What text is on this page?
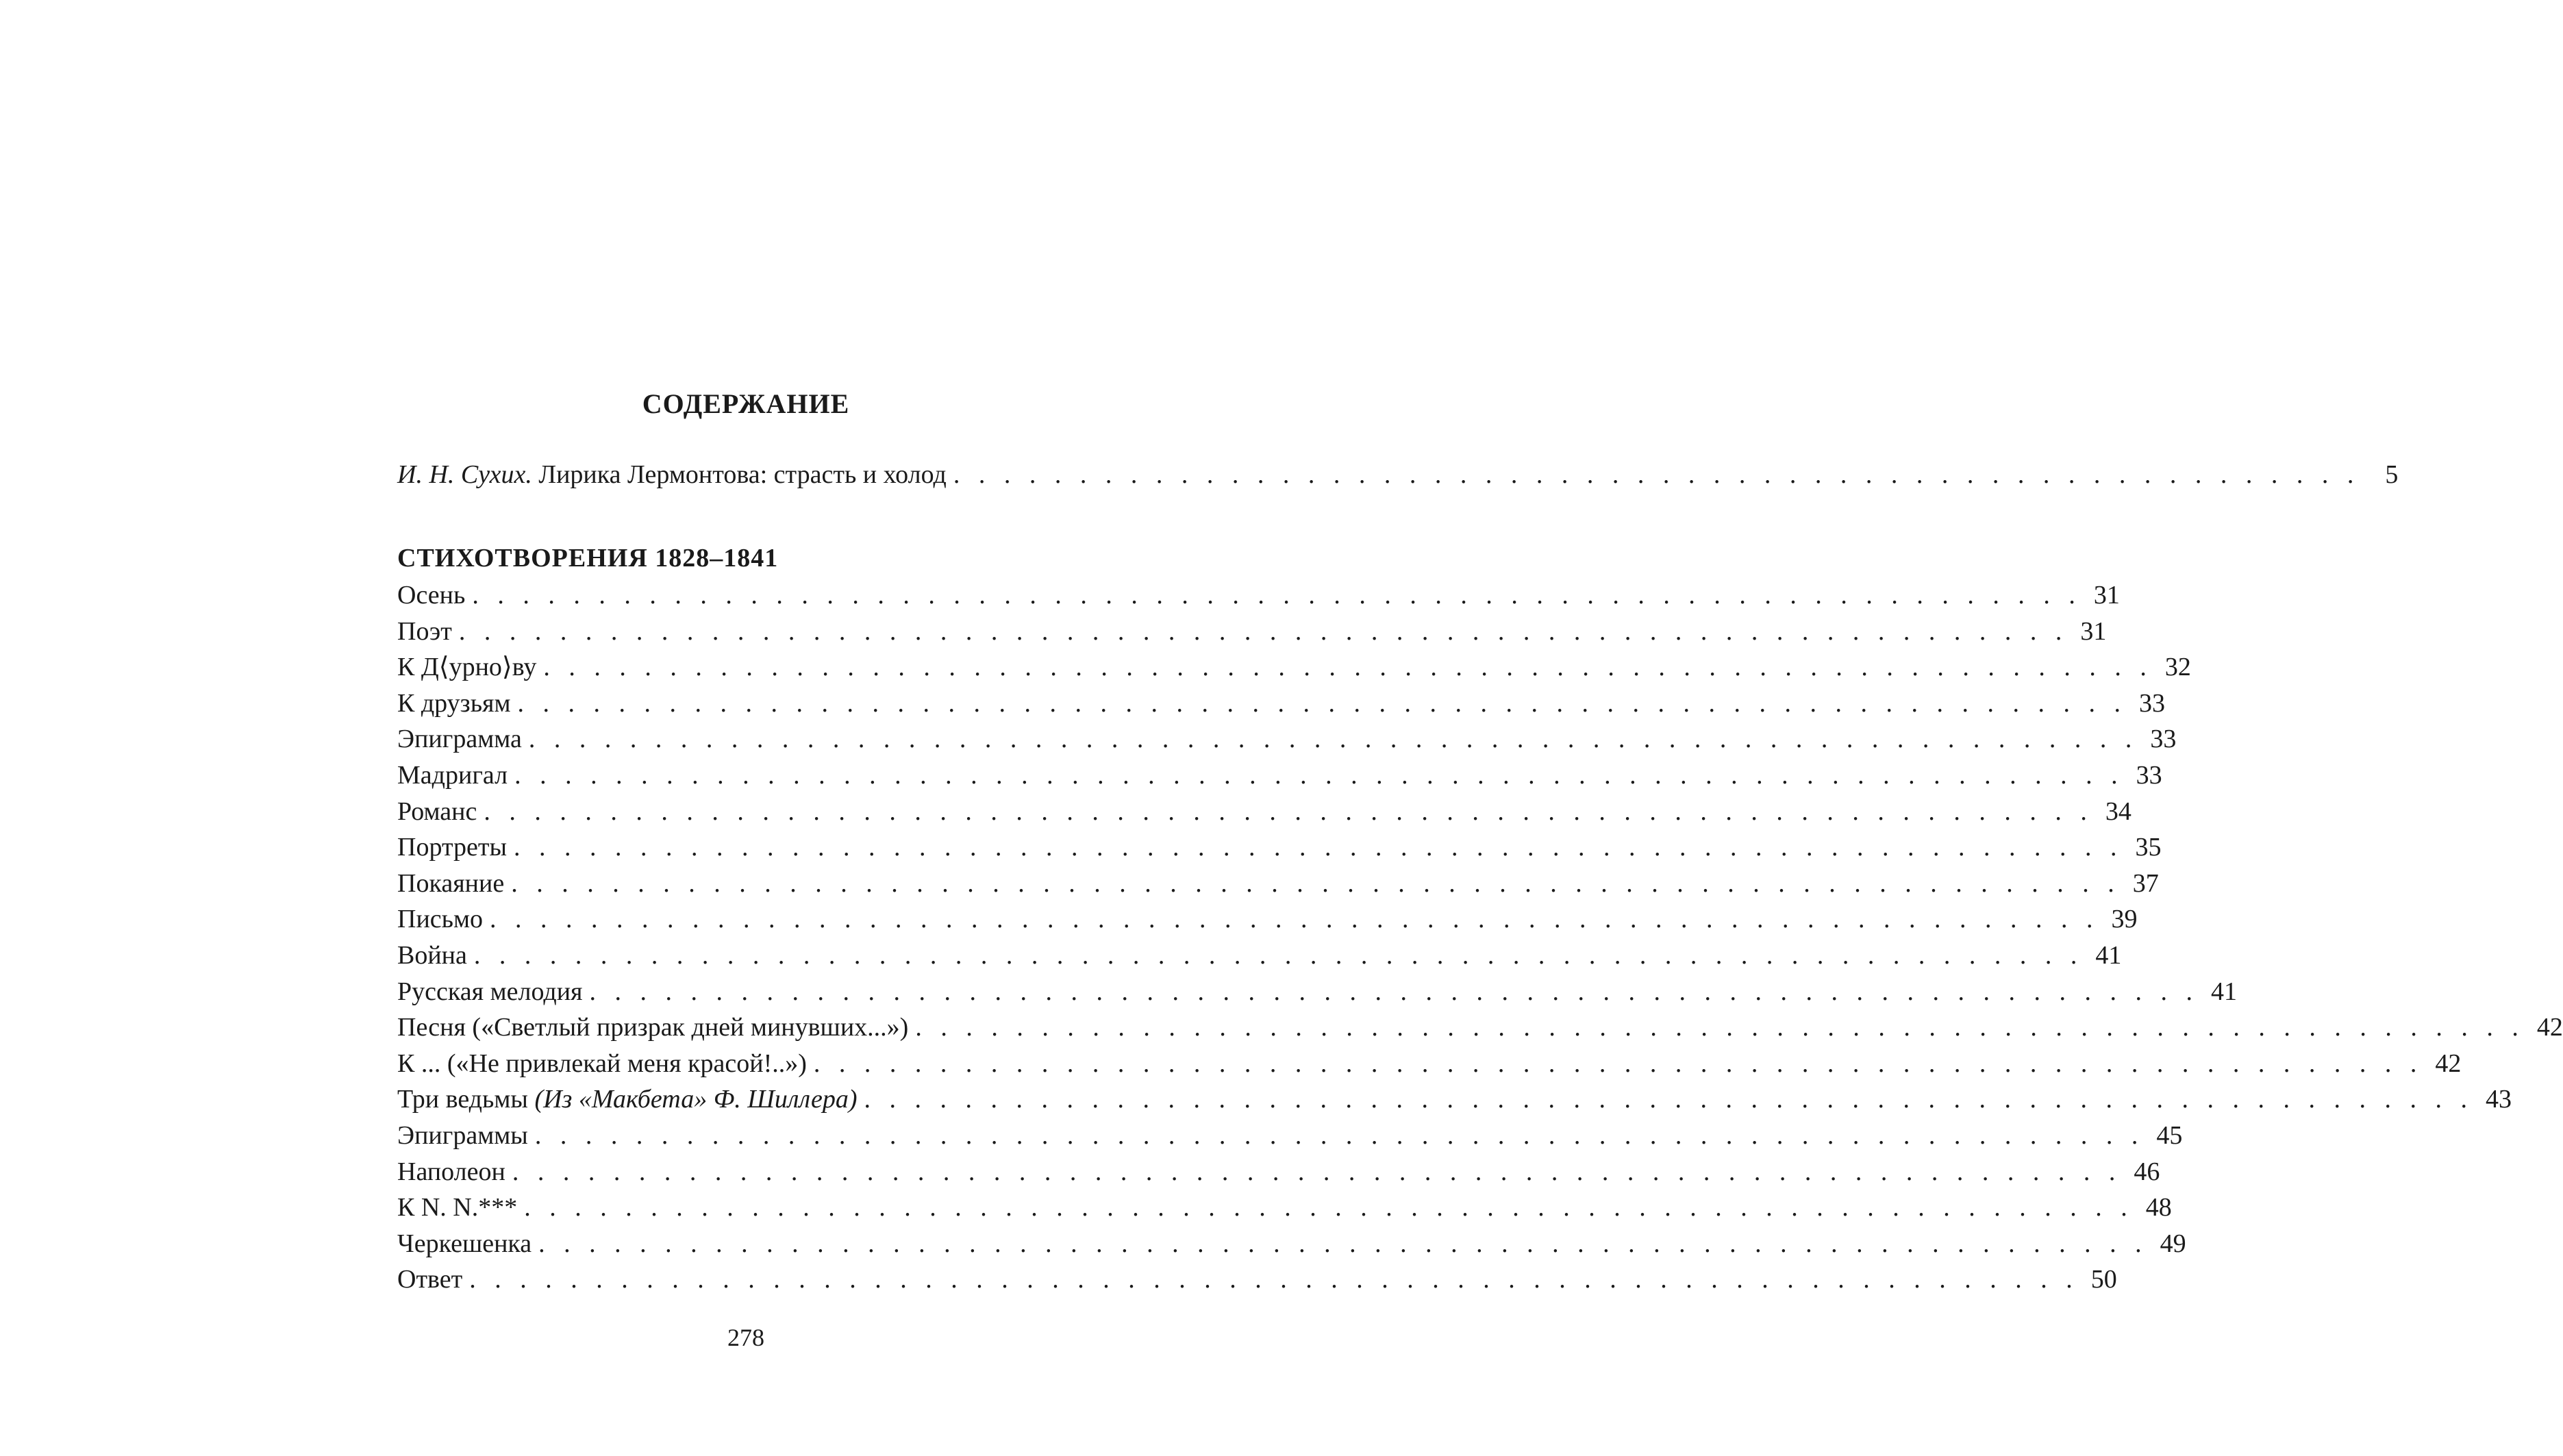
СОДЕРЖАНИЕ
И. Н. Сухих. Лирика Лермонтова: страсть и холод . . . . . . . . . . . . . . . . . . . . . . . . . . . . . . . . . . . . . . . . . . . . . . . . . . . . . . . . 5
СТИХОТВОРЕНИЯ 1828–1841
Осень . . . . . . . . . . . . . . . . . . . . . . . . . . . . . . . . . . . . . . . . . . . . . . . . . . . . . . . . . . . . . . . . 31
Поэт . . . . . . . . . . . . . . . . . . . . . . . . . . . . . . . . . . . . . . . . . . . . . . . . . . . . . . . . . . . . . . . . 31
К Д⟨урно⟩ву . . . . . . . . . . . . . . . . . . . . . . . . . . . . . . . . . . . . . . . . . . . . . . . . . . . . . . . . . . . . . . . . 32
К друзьям . . . . . . . . . . . . . . . . . . . . . . . . . . . . . . . . . . . . . . . . . . . . . . . . . . . . . . . . . . . . . . . . 33
Эпиграмма . . . . . . . . . . . . . . . . . . . . . . . . . . . . . . . . . . . . . . . . . . . . . . . . . . . . . . . . . . . . . . . . 33
Мадригал . . . . . . . . . . . . . . . . . . . . . . . . . . . . . . . . . . . . . . . . . . . . . . . . . . . . . . . . . . . . . . . . 33
Романс . . . . . . . . . . . . . . . . . . . . . . . . . . . . . . . . . . . . . . . . . . . . . . . . . . . . . . . . . . . . . . . . 34
Портреты . . . . . . . . . . . . . . . . . . . . . . . . . . . . . . . . . . . . . . . . . . . . . . . . . . . . . . . . . . . . . . . . 35
Покаяние . . . . . . . . . . . . . . . . . . . . . . . . . . . . . . . . . . . . . . . . . . . . . . . . . . . . . . . . . . . . . . . . 37
Письмо . . . . . . . . . . . . . . . . . . . . . . . . . . . . . . . . . . . . . . . . . . . . . . . . . . . . . . . . . . . . . . . . 39
Война . . . . . . . . . . . . . . . . . . . . . . . . . . . . . . . . . . . . . . . . . . . . . . . . . . . . . . . . . . . . . . . . 41
Русская мелодия . . . . . . . . . . . . . . . . . . . . . . . . . . . . . . . . . . . . . . . . . . . . . . . . . . . . . . . . . . . . . . . . 41
Песня («Светлый призрак дней минувших...») . . . . . . . . . . . . . . . . . . . . . . . . . . . . . . . . . . . . . . . . . . . . . . . . . . . . . . . . . . . . . . . . 42
К ... («Не привлекай меня красой!..») . . . . . . . . . . . . . . . . . . . . . . . . . . . . . . . . . . . . . . . . . . . . . . . . . . . . . . . . . . . . . . . . 42
Три ведьмы (Из «Макбета» Ф. Шиллера) . . . . . . . . . . . . . . . . . . . . . . . . . . . . . . . . . . . . . . . . . . . . . . . . . . . . . . . . . . . . . . . . 43
Эпиграммы . . . . . . . . . . . . . . . . . . . . . . . . . . . . . . . . . . . . . . . . . . . . . . . . . . . . . . . . . . . . . . . . 45
Наполеон . . . . . . . . . . . . . . . . . . . . . . . . . . . . . . . . . . . . . . . . . . . . . . . . . . . . . . . . . . . . . . . . 46
К N. N.*** . . . . . . . . . . . . . . . . . . . . . . . . . . . . . . . . . . . . . . . . . . . . . . . . . . . . . . . . . . . . . . . . 48
Черкешенка . . . . . . . . . . . . . . . . . . . . . . . . . . . . . . . . . . . . . . . . . . . . . . . . . . . . . . . . . . . . . . . . 49
Ответ . . . . . . . . . . . . . . . . . . . . . . . . . . . . . . . . . . . . . . . . . . . . . . . . . . . . . . . . . . . . . . . . 50
278
